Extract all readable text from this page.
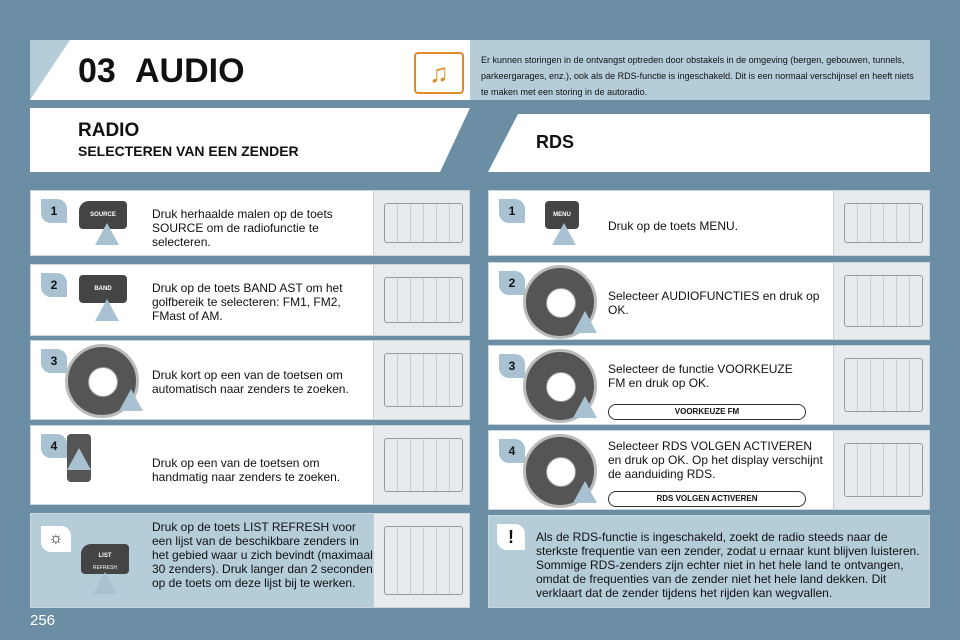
03 AUDIO	♫	Er kunnen storingen in de ontvangst optreden door obstakels in de omgeving (bergen, gebouwen, tunnels, parkeergarages, enz.), ook als de RDS-functie is ingeschakeld. Dit is een normaal verschijnsel en heeft niets te maken met een storing in de autoradio.
RADIO
SELECTEREN VAN EEN ZENDER	RDS
1	SOURCE	Druk herhaalde malen op de toets SOURCE om de radiofunctie te selecteren.
2	BAND	Druk op de toets BAND AST om het golfbereik te selecteren: FM1, FM2, FMast of AM.
3
Druk kort op een van de toetsen om automatisch naar zenders te zoeken.
4
Druk op een van de toetsen om handmatig naar zenders te zoeken.
☼
LIST
REFRESH
Druk op de toets LIST REFRESH voor een lijst van de beschikbare zenders in het gebied waar u zich bevindt (maximaal 30 zenders). Druk langer dan 2 seconden op de toets om deze lijst bij te werken.
1	MENU
Druk op de toets MENU.
2
Selecteer AUDIOFUNCTIES en druk op OK.
3	Selecteer de functie VOORKEUZE FM en druk op OK.
VOORKEUZE FM
4	Selecteer RDS VOLGEN ACTIVEREN en druk op OK. Op het display verschijnt de aanduiding RDS.
RDS VOLGEN ACTIVEREN
!	Als de RDS-functie is ingeschakeld, zoekt de radio steeds naar de sterkste frequentie van een zender, zodat u ernaar kunt blijven luisteren. Sommige RDS-zenders zijn echter niet in het hele land te ontvangen, omdat de frequenties van de zender niet het hele land dekken. Dit verklaart dat de zender tijdens het rijden kan wegvallen.
256
